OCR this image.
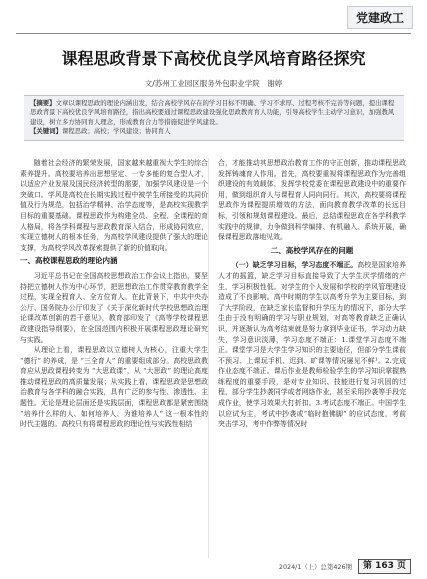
党建政工
课程思政背景下高校优良学风培育路径探究
文/苏州工业园区服务外包职业学院　谢婷

【摘要】文章以课程思政的理论内涵出发，结合高校学风存在的学习目标不明确、学习不求厚、过程考核不完善等问题，提出课程思政背景下高校优良学风培育路径，指出高校要通过课程思政建设强化思政教育育人功能，引导高校学生主动学习意识，加强教风建设，树立多方协同育人理念，形成教育合力等措施促进学风建设。

【关键词】课程思政；高校；学风建设；协同育人

随着社会经济的繁荣发展，国家越来越重视大学生的综合素养提升。高校要培养出思想坚定、一专多能的复合型人才，以适应产业发展及国民经济转型的需要，加强学风建设是一个突破口。学风是高校在长期实践过程中被学生所接受的共同价值及行为规范，包括治学精神、治学态度等，是高校实现教学目标的重要基础。课程思政作为构建全员、全程、全课程的育人格局，将各学科课程与思政教育深入结合，形成协同效应，实现立德树人的根本任务，为高校学风建设提供了强大的理论支撑，为高校学风改革探索提供了新的价值取向。

一、高校课程思政的理论内涵

习近平总书记在全国高校思想政治工作会议上指出，要坚持把立德树人作为中心环节，把思想政治工作贯穿教育教学全过程，实现全程育人、全方位育人。在此背景下，中共中央办公厅、国务院办公厅印发了《关于深化新时代学校思想政治理论课改革创新的若干意见》，教育部印发了《高等学校课程思政建设指导纲要》，在全国范围内积极开展课程思政理论研究与实践。

从理论上看，课程思政以立德树人为核心，注重大学生 “德行” 的养成，是 “三全育人” 的重要组成部分。高校思政教育应从思政课程转变为 “大思政课”，从 “大思政” 的理论高度推动课程思政的高质量发展；从实践上看，课程思政是思想政治教育与各学科的融合实践，具有广泛的参与性、渗透性、主题性。无论是理论层面还是实践层面，课程思政都是紧密围绕 “培养什么样的人、如何培养人、为谁培养人” 这一根本性的时代主题的。高校只有将课程思政的理论性与实践性相结

合，才能推动其思想政治教育工作的守正创新，推动课程思政发挥铸魂育人作用。首先，高校要重视将课程思政作为完善组织建设的有效载体，发挥学校党委在课程思政建设中的重要作用，做到组织育人与课程育人同向同行。其次，高校要将课程思政作为课程提质增效的方法，面向教育教学改革的长远目标，引领和规划课程建设。最后，总结课程思政在各学科教学实践中的规律，力争做到科学编排、有机融入、系统开展，确保课程思政落地见效。

二、高校学风存在的问题

（一）缺乏学习目标，学习态度不端正。高校是国家培养人才的摇篮，缺乏学习目标直接导致了大学生厌学情绪的产生，学习积极性低。对学生的个人发展和学校的学风管理建设造成了不良影响。高中时期的学生以高考升学为主要目标，到了大学阶段，在缺乏家长监督和升学压力的情况下，部分大学生由于没有明确的学习与职业规划，对高等教育缺乏正确认识，并逐渐认为高考结束就是努力拿到毕业证书，学习动力缺失，学习意识淡薄，学习态度不端正：1.课堂学习态度不端正。课堂学习是大学生学习知识的主要途径，但部分学生课前不预习、上课玩手机、迟到、旷课等情况屡见不鲜¹。2.完成作业态度不端正。课后作业是教师检验学生的学习知识掌握熟练程度的重要手段，是对专业知识、技能进行复习巩固的过程，部分学生抄袭同学或者网络作业，甚至采用抄袭等手段完成作业，使学习效果大打折扣。3.考试态度不端正。中国学生以应试为主，考试中抄袭或“临时抱佛脚” 的应试态度，考前突击学习，考中作弊等情况时

2024/1（上）总第426期	第 163 页
